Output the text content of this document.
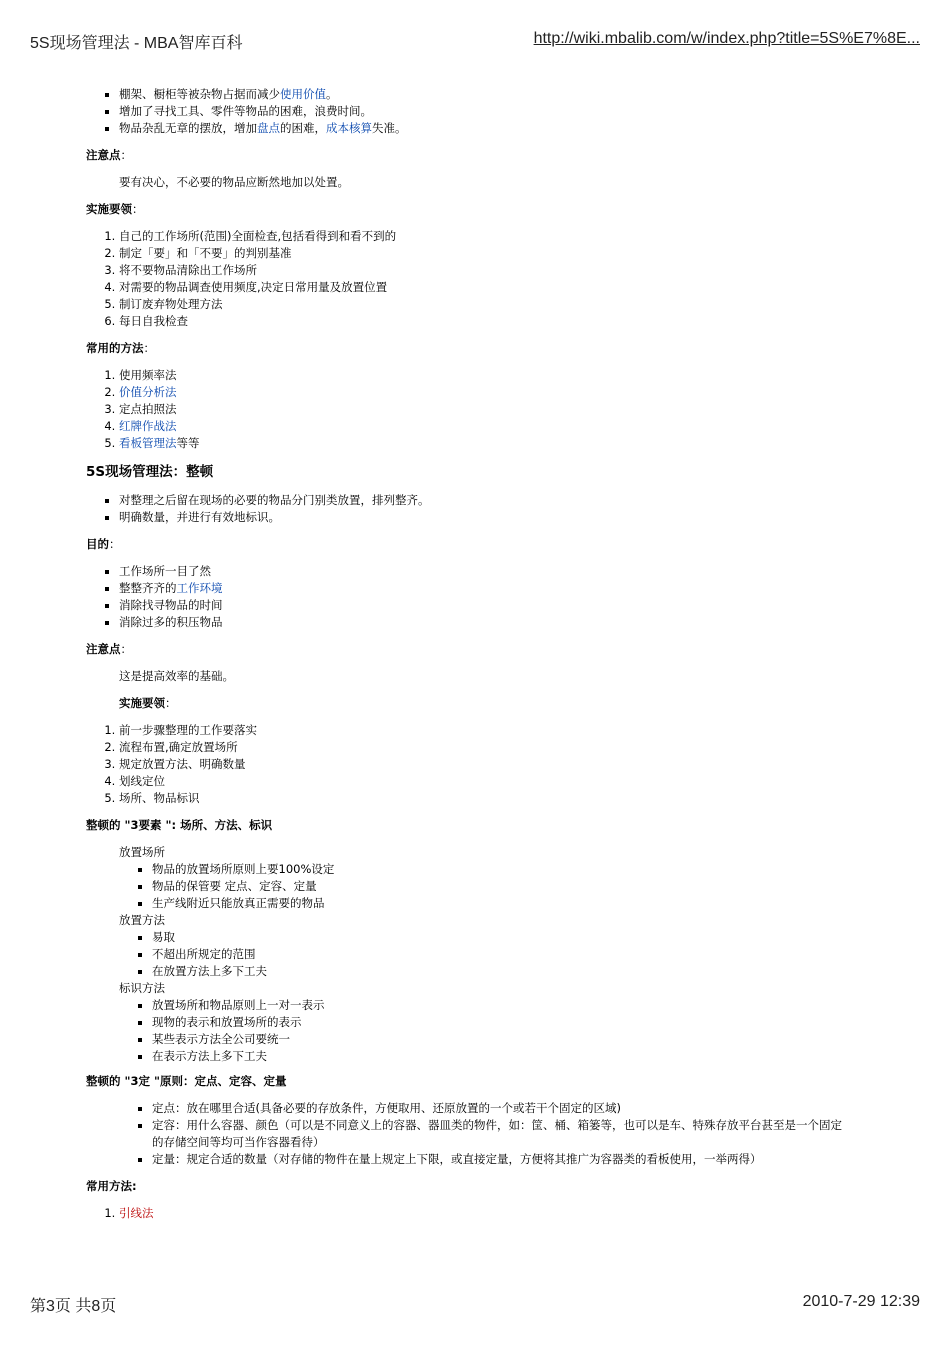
5S现场管理法 - MBA智库百科	http://wiki.mbalib.com/w/index.php?title=5S%E7%8E...
▪ 棚架、橱柜等被杂物占据而减少使用价值。
▪ 增加了寻找工具、零件等物品的困难，浪费时间。
▪ 物品杂乱无章的摆放，增加盘点的困难，成本核算失准。

注意点：

要有决心，不必要的物品应断然地加以处置。

实施要领：

1. 自己的工作场所(范围)全面检查,包括看得到和看不到的
2. 制定「要」和「不要」的判别基准
3. 将不要物品清除出工作场所
4. 对需要的物品调查使用频度,决定日常用量及放置位置
5. 制订废弃物处理方法
6. 每日自我检查

常用的方法：

1. 使用频率法
2. 价值分析法
3. 定点拍照法
4. 红牌作战法
5. 看板管理法等等
5S现场管理法：整顿
▪ 对整理之后留在现场的必要的物品分门别类放置，排列整齐。
▪ 明确数量，并进行有效地标识。

目的：

▪ 工作场所一目了然
▪ 整整齐齐的工作环境
▪ 消除找寻物品的时间
▪ 消除过多的积压物品

注意点：

这是提高效率的基础。
实施要领：
1. 前一步骤整理的工作要落实
2. 流程布置,确定放置场所
3. 规定放置方法、明确数量
4. 划线定位
5. 场所、物品标识

整顿的 "3要素 ": 场所、方法、标识

放置场所
▪ 物品的放置场所原则上要100%设定
▪ 物品的保管要 定点、定容、定量
▪ 生产线附近只能放真正需要的物品
放置方法
▪ 易取
▪ 不超出所规定的范围
▪ 在放置方法上多下工夫
标识方法
▪ 放置场所和物品原则上一对一表示
▪ 现物的表示和放置场所的表示
▪ 某些表示方法全公司要统一
▪ 在表示方法上多下工夫

整顿的 "3定 "原则：定点、定容、定量

▪ 定点：放在哪里合适(具备必要的存放条件，方便取用、还原放置的一个或若干个固定的区域)
▪ 定容：用什么容器、颜色（可以是不同意义上的容器、器皿类的物件，如：筐、桶、箱篓等，也可以是车、特殊存放平台甚至是一个固定的存储空间等均可当作容器看待）
▪ 定量：规定合适的数量（对存储的物件在量上规定上下限，或直接定量，方便将其推广为容器类的看板使用，一举两得）

常用方法:

1. 引线法
第3页 共8页	2010-7-29 12:39
